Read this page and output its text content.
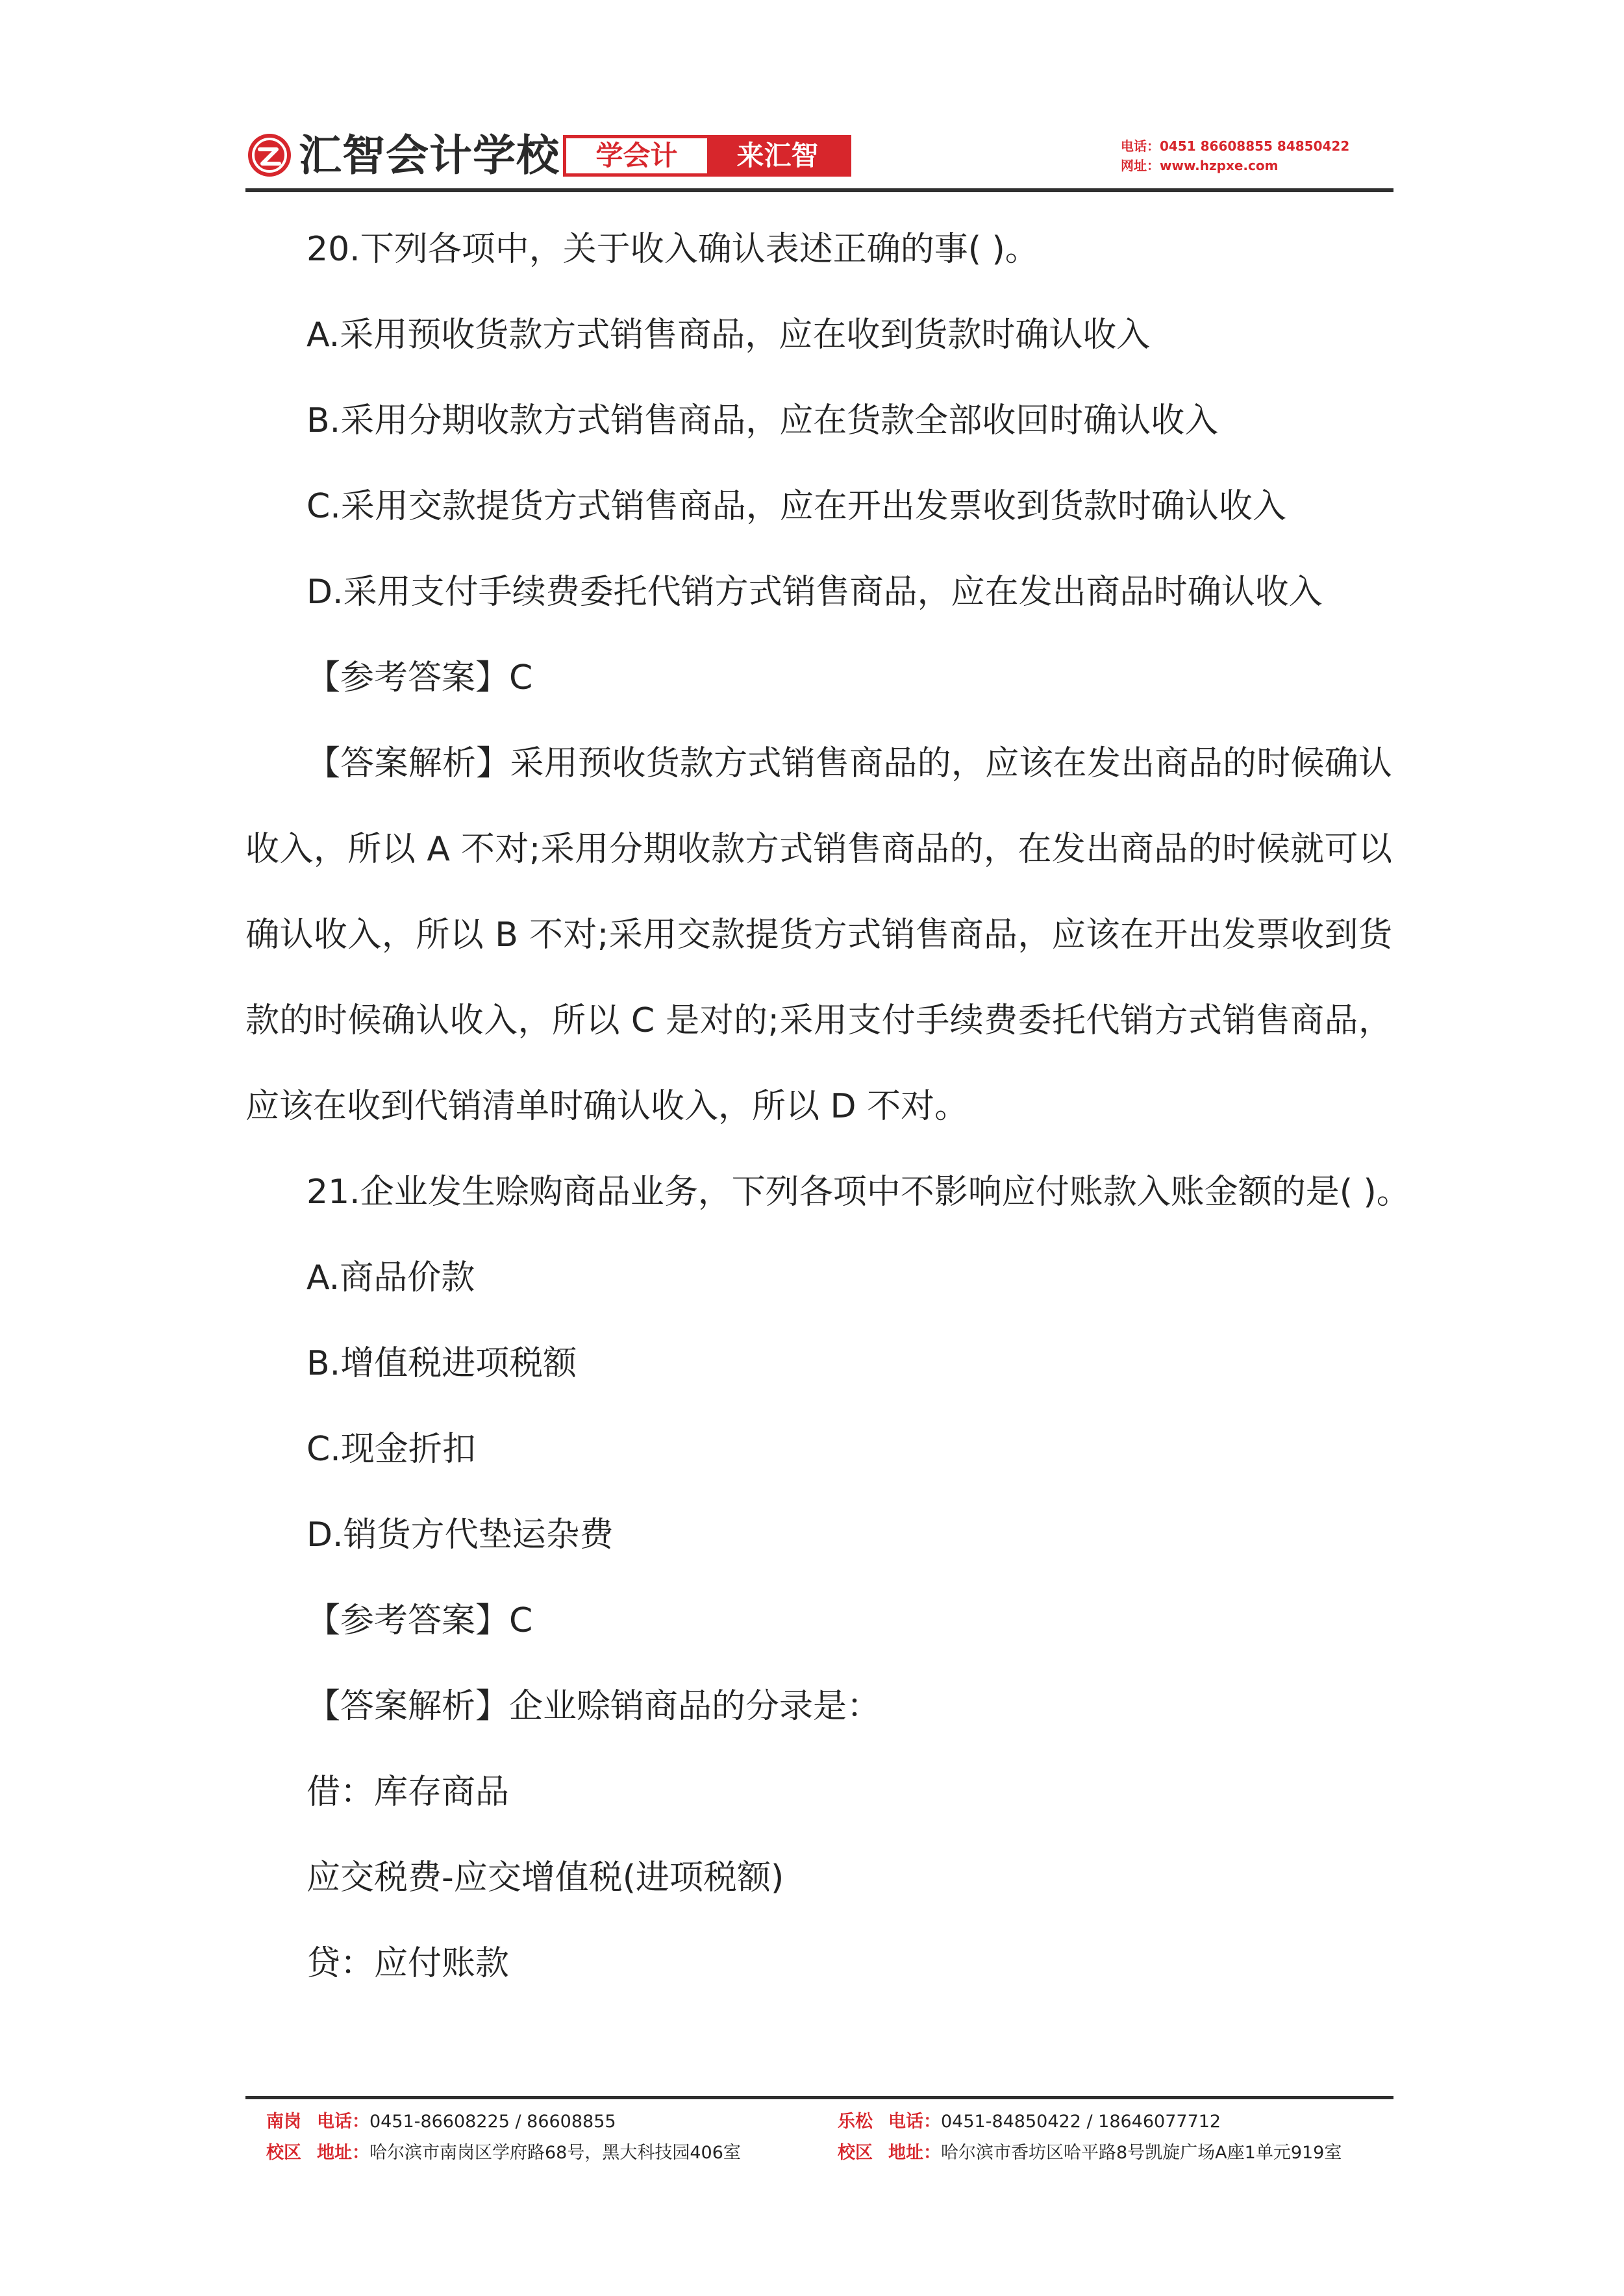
汇智会计学校	学会计	来汇智	电话：0451 86608855 84850422
网址：www.hzpxe.com
20.下列各项中，关于收入确认表述正确的事( )。
A.采用预收货款方式销售商品，应在收到货款时确认收入
B.采用分期收款方式销售商品，应在货款全部收回时确认收入
C.采用交款提货方式销售商品，应在开出发票收到货款时确认收入
D.采用支付手续费委托代销方式销售商品，应在发出商品时确认收入
【参考答案】C

【答案解析】采用预收货款方式销售商品的，应该在发出商品的时候确认收入，所以 A 不对;采用分期收款方式销售商品的，在发出商品的时候就可以确认收入，所以 B 不对;采用交款提货方式销售商品，应该在开出发票收到货款的时候确认收入，所以 C 是对的;采用支付手续费委托代销方式销售商品，应该在收到代销清单时确认收入，所以 D 不对。

21.企业发生赊购商品业务，下列各项中不影响应付账款入账金额的是( )。
A.商品价款
B.增值税进项税额
C.现金折扣
D.销货方代垫运杂费
【参考答案】C
【答案解析】企业赊销商品的分录是：
借：库存商品
应交税费-应交增值税(进项税额)
贷：应付账款
南岗 电话： 0451-86608225 / 86608855
校区 地址： 哈尔滨市南岗区学府路68号，黑大科技园406室
乐松 电话： 0451-84850422 / 18646077712
校区 地址： 哈尔滨市香坊区哈平路8号凯旋广场A座1单元919室
